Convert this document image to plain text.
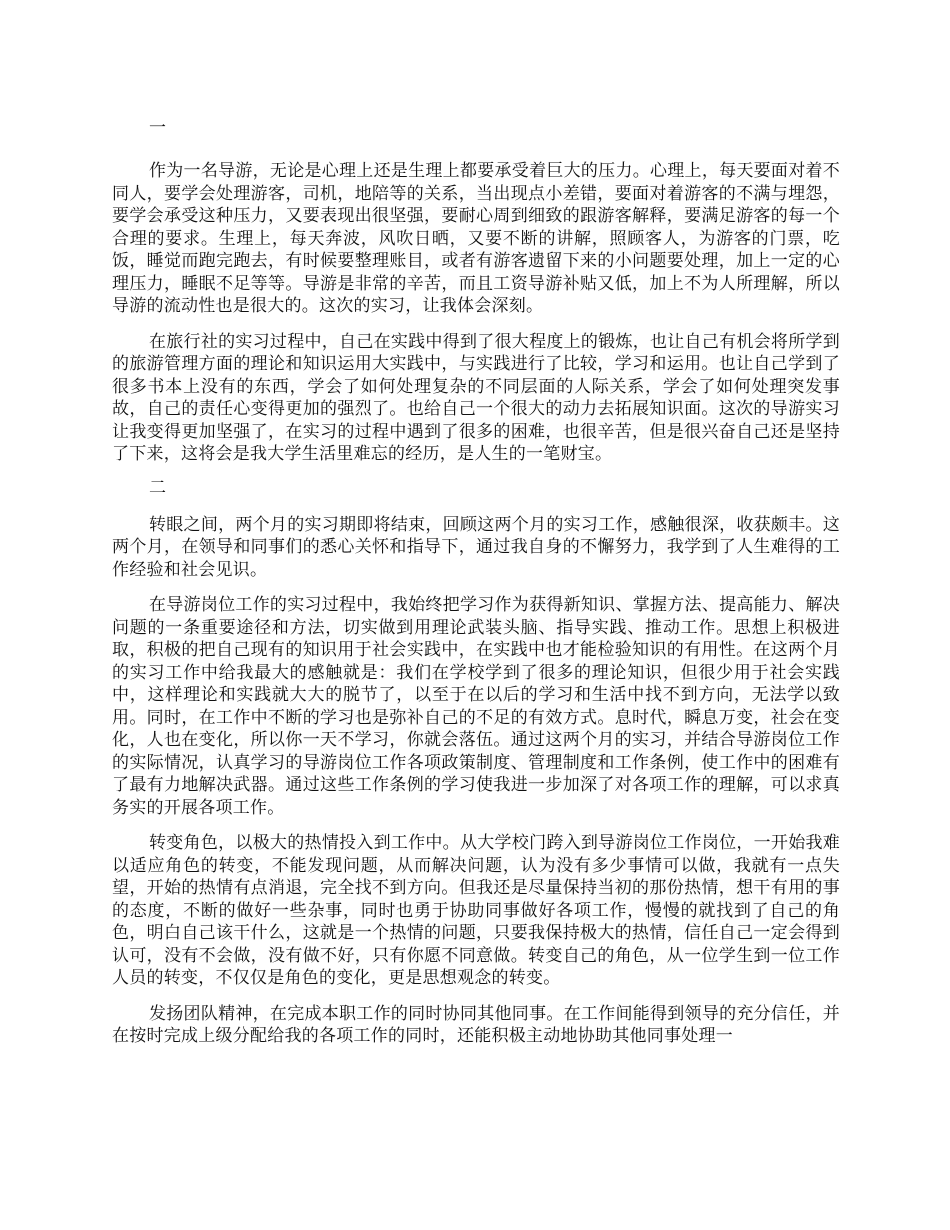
一

作为一名导游，无论是心理上还是生理上都要承受着巨大的压力。心理上，每天要面对着不同人，要学会处理游客，司机，地陪等的关系，当出现点小差错，要面对着游客的不满与埋怨，要学会承受这种压力，又要表现出很坚强，要耐心周到细致的跟游客解释，要满足游客的每一个合理的要求。生理上，每天奔波，风吹日晒，又要不断的讲解，照顾客人，为游客的门票，吃饭，睡觉而跑完跑去，有时候要整理账目，或者有游客遗留下来的小问题要处理，加上一定的心理压力，睡眠不足等等。导游是非常的辛苦，而且工资导游补贴又低，加上不为人所理解，所以导游的流动性也是很大的。这次的实习，让我体会深刻。

在旅行社的实习过程中，自己在实践中得到了很大程度上的锻炼，也让自己有机会将所学到的旅游管理方面的理论和知识运用大实践中，与实践进行了比较，学习和运用。也让自己学到了很多书本上没有的东西，学会了如何处理复杂的不同层面的人际关系，学会了如何处理突发事故，自己的责任心变得更加的强烈了。也给自己一个很大的动力去拓展知识面。这次的导游实习让我变得更加坚强了，在实习的过程中遇到了很多的困难，也很辛苦，但是很兴奋自己还是坚持了下来，这将会是我大学生活里难忘的经历，是人生的一笔财宝。

二

转眼之间，两个月的实习期即将结束，回顾这两个月的实习工作，感触很深，收获颇丰。这两个月，在领导和同事们的悉心关怀和指导下，通过我自身的不懈努力，我学到了人生难得的工作经验和社会见识。

在导游岗位工作的实习过程中，我始终把学习作为获得新知识、掌握方法、提高能力、解决问题的一条重要途径和方法，切实做到用理论武装头脑、指导实践、推动工作。思想上积极进取，积极的把自己现有的知识用于社会实践中，在实践中也才能检验知识的有用性。在这两个月的实习工作中给我最大的感触就是：我们在学校学到了很多的理论知识，但很少用于社会实践中，这样理论和实践就大大的脱节了，以至于在以后的学习和生活中找不到方向，无法学以致用。同时，在工作中不断的学习也是弥补自己的不足的有效方式。息时代，瞬息万变，社会在变化，人也在变化，所以你一天不学习，你就会落伍。通过这两个月的实习，并结合导游岗位工作的实际情况，认真学习的导游岗位工作各项政策制度、管理制度和工作条例，使工作中的困难有了最有力地解决武器。通过这些工作条例的学习使我进一步加深了对各项工作的理解，可以求真务实的开展各项工作。

转变角色，以极大的热情投入到工作中。从大学校门跨入到导游岗位工作岗位，一开始我难以适应角色的转变，不能发现问题，从而解决问题，认为没有多少事情可以做，我就有一点失望，开始的热情有点消退，完全找不到方向。但我还是尽量保持当初的那份热情，想干有用的事的态度，不断的做好一些杂事，同时也勇于协助同事做好各项工作，慢慢的就找到了自己的角色，明白自己该干什么，这就是一个热情的问题，只要我保持极大的热情，信任自己一定会得到认可，没有不会做，没有做不好，只有你愿不同意做。转变自己的角色，从一位学生到一位工作人员的转变，不仅仅是角色的变化，更是思想观念的转变。

发扬团队精神，在完成本职工作的同时协同其他同事。在工作间能得到领导的充分信任，并在按时完成上级分配给我的各项工作的同时，还能积极主动地协助其他同事处理一
